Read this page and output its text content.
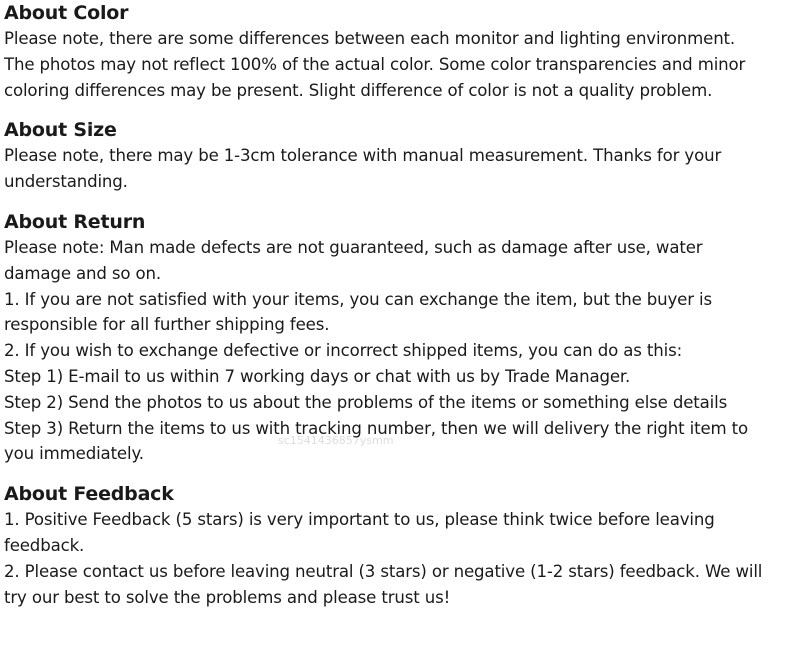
About Color
Please note, there are some differences between each monitor and lighting environment.
The photos may not reflect 100% of the actual color. Some color transparencies and minor
coloring differences may be present. Slight difference of color is not a quality problem.
About Size
Please note, there may be 1-3cm tolerance with manual measurement. Thanks for your
understanding.
About Return
Please note: Man made defects are not guaranteed, such as damage after use, water
damage and so on.
1. If you are not satisfied with your items, you can exchange the item, but the buyer is
responsible for all further shipping fees.
2. If you wish to exchange defective or incorrect shipped items, you can do as this:
Step 1) E-mail to us within 7 working days or chat with us by Trade Manager.
Step 2) Send the photos to us about the problems of the items or something else details
Step 3) Return the items to us with tracking number, then we will delivery the right item to
you immediately.
About Feedback
1. Positive Feedback (5 stars) is very important to us, please think twice before leaving
feedback.
2. Please contact us before leaving neutral (3 stars) or negative (1-2 stars) feedback. We will
try our best to solve the problems and please trust us!
sc1541436857ysmm
